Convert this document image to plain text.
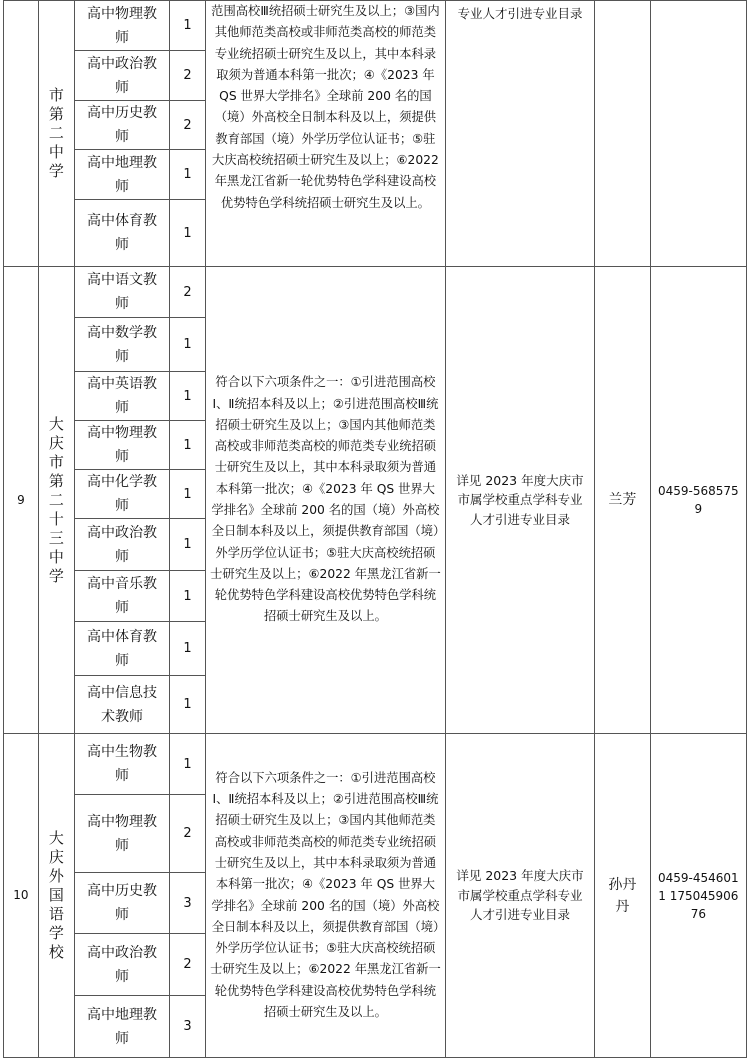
	市第二中学	高中物理教师	1	范围高校Ⅲ统招硕士研究生及以上；③国内其他师范类高校或非师范类高校的师范类专业统招硕士研究生及以上，其中本科录取须为普通本科第一批次；④《2023 年 QS 世界大学排名》全球前 200 名的国（境）外高校全日制本科及以上，须提供教育部国（境）外学历学位认证书；⑤驻大庆高校统招硕士研究生及以上；⑥2022 年黑龙江省新一轮优势特色学科建设高校优势特色学科统招硕士研究生及以上。	专业人才引进专业目录		
		高中政治教师	2				
		高中历史教师	2				
		高中地理教师	1				
		高中体育教师	1				
9	大庆市第二十三中学	高中语文教师	2	符合以下六项条件之一：①引进范围高校Ⅰ、Ⅱ统招本科及以上；②引进范围高校Ⅲ统招硕士研究生及以上；③国内其他师范类高校或非师范类高校的师范类专业统招硕士研究生及以上，其中本科录取须为普通本科第一批次；④《2023 年 QS 世界大学排名》全球前 200 名的国（境）外高校全日制本科及以上，须提供教育部国（境）外学历学位认证书；⑤驻大庆高校统招硕士研究生及以上；⑥2022 年黑龙江省新一轮优势特色学科建设高校优势特色学科统招硕士研究生及以上。	详见 2023 年度大庆市市属学校重点学科专业人才引进专业目录	兰芳	0459-5685759
		高中数学教师	1				
		高中英语教师	1				
		高中物理教师	1				
		高中化学教师	1				
		高中政治教师	1				
		高中音乐教师	1				
		高中体育教师	1				
		高中信息技术教师	1				
10	大庆外国语学校	高中生物教师	1	符合以下六项条件之一：①引进范围高校Ⅰ、Ⅱ统招本科及以上；②引进范围高校Ⅲ统招硕士研究生及以上；③国内其他师范类高校或非师范类高校的师范类专业统招硕士研究生及以上，其中本科录取须为普通本科第一批次；④《2023 年 QS 世界大学排名》全球前 200 名的国（境）外高校全日制本科及以上，须提供教育部国（境）外学历学位认证书；⑤驻大庆高校统招硕士研究生及以上；⑥2022 年黑龙江省新一轮优势特色学科建设高校优势特色学科统招硕士研究生及以上。	详见 2023 年度大庆市市属学校重点学科专业人才引进专业目录	孙丹丹	0459-4546011 17504590676
		高中物理教师	2				
		高中历史教师	3				
		高中政治教师	2				
		高中地理教师	3				
